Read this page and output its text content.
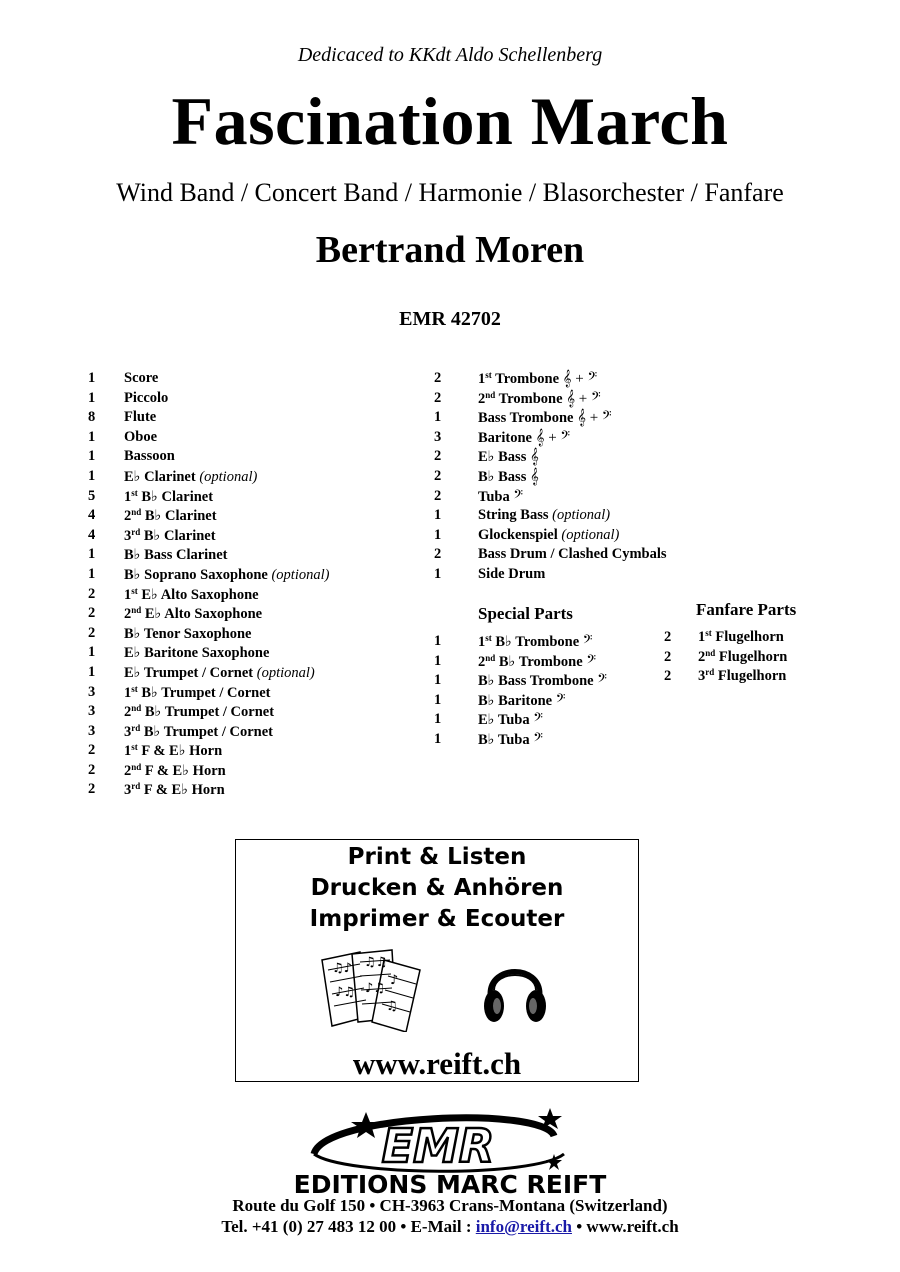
Dedicaced to KKdt Aldo Schellenberg
Fascination March
Wind Band / Concert Band / Harmonie / Blasorchester / Fanfare
Bertrand Moren
EMR 42702
1 Score
1 Piccolo
8 Flute
1 Oboe
1 Bassoon
1 E♭ Clarinet (optional)
5 1st B♭ Clarinet
4 2nd B♭ Clarinet
4 3rd B♭ Clarinet
1 B♭ Bass Clarinet
1 B♭ Soprano Saxophone (optional)
2 1st E♭ Alto Saxophone
2 2nd E♭ Alto Saxophone
2 B♭ Tenor Saxophone
1 E♭ Baritone Saxophone
1 E♭ Trumpet / Cornet (optional)
3 1st B♭ Trumpet / Cornet
3 2nd B♭ Trumpet / Cornet
3 3rd B♭ Trumpet / Cornet
2 1st F & E♭ Horn
2 2nd F & E♭ Horn
2 3rd F & E♭ Horn
2	1st Trombone 𝄞 + 𝄢
2	2nd Trombone 𝄞 + 𝄢
1	Bass Trombone 𝄞 + 𝄢
3	Baritone 𝄞 + 𝄢
2	E♭ Bass 𝄞
2	B♭ Bass 𝄞
2	Tuba 𝄢
1	String Bass (optional)
1	Glockenspiel (optional)
2	Bass Drum / Clashed Cymbals
1	Side Drum
Special Parts
1	1st B♭ Trombone 𝄢
1	2nd B♭ Trombone 𝄢
1	B♭ Bass Trombone 𝄢
1	B♭ Baritone 𝄢
1	E♭ Tuba 𝄢
1	B♭ Tuba 𝄢
Fanfare Parts
2 1st Flugelhorn
2 2nd Flugelhorn
2 3rd Flugelhorn
Print & Listen
Drucken & Anhören
Imprimer & Ecouter
♫♪
♪♫
♫♫
♪♫
♪
♫
www.reift.ch
EMR
EDITIONS MARC REIFT
Route du Golf 150 • CH-3963 Crans-Montana (Switzerland)
Tel. +41 (0) 27 483 12 00 • E-Mail : info@reift.ch • www.reift.ch
